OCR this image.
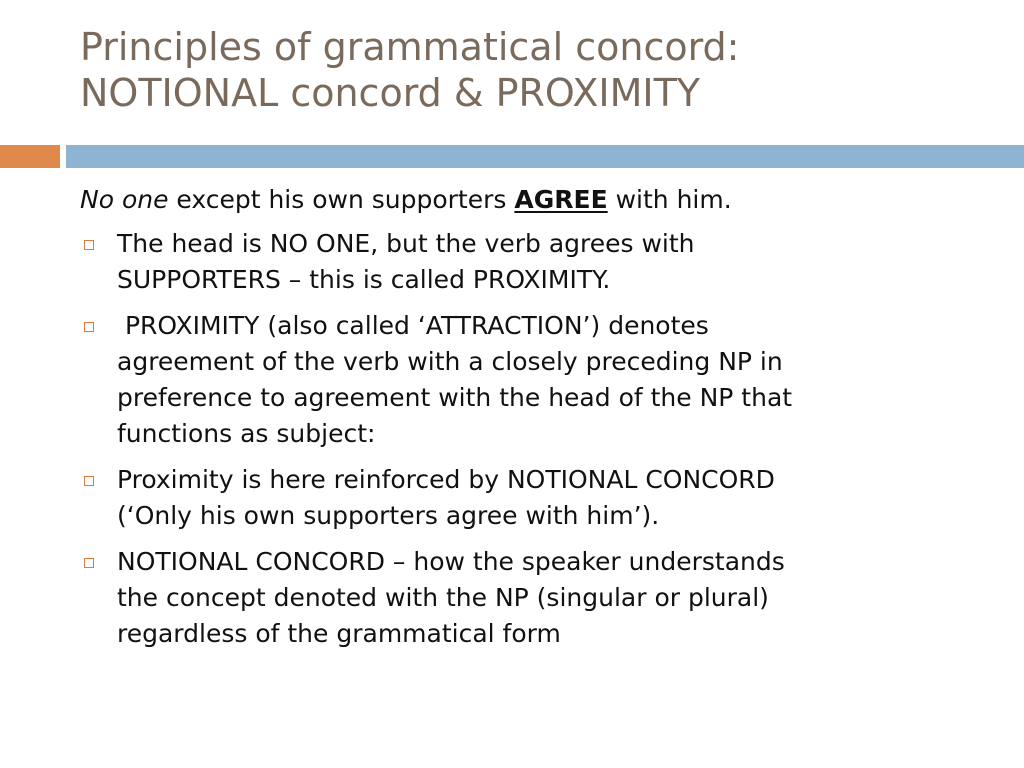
Principles of grammatical concord:
NOTIONAL concord & PROXIMITY

No one except his own supporters AGREE with him.

The head is NO ONE, but the verb agrees with
SUPPORTERS – this is called PROXIMITY.
PROXIMITY (also called ‘ATTRACTION’) denotes
agreement of the verb with a closely preceding NP in
preference to agreement with the head of the NP that
functions as subject:
Proximity is here reinforced by NOTIONAL CONCORD
(‘Only his own supporters agree with him’).
NOTIONAL CONCORD – how the speaker understands
the concept denoted with the NP (singular or plural)
regardless of the grammatical form
